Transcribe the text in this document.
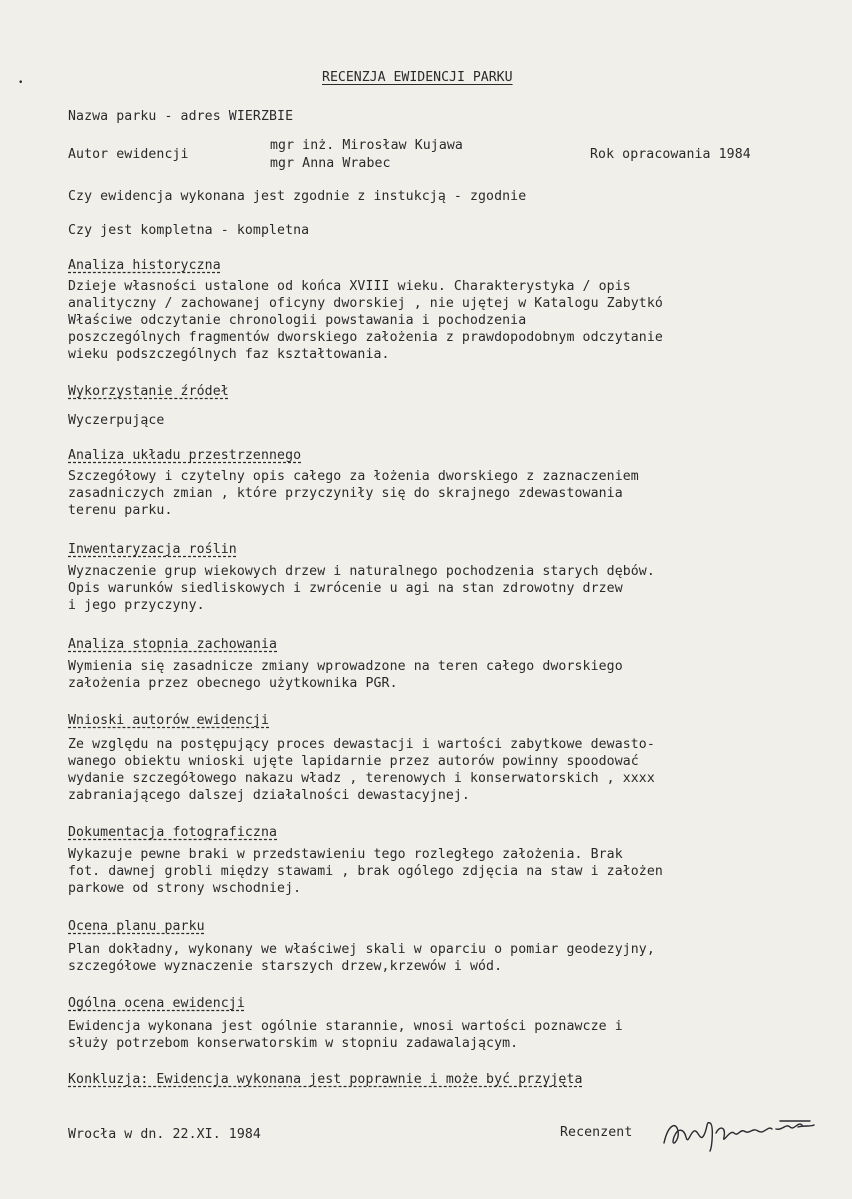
•	RECENZJA EWIDENCJI PARKU
Nazwa parku - adres WIERZBIE
Autor ewidencji
mgr inż. Mirosław Kujawa
mgr Anna Wrabec
Rok opracowania 1984
Czy ewidencja wykonana jest zgodnie z instukcją - zgodnie
Czy jest kompletna - kompletna
Analiza historyczna
Dzieje własności ustalone od końca XVIII wieku. Charakterystyka / opis
analityczny / zachowanej oficyny dworskiej , nie ujętej w Katalogu Zabytkó
Właściwe odczytanie chronologii powstawania i pochodzenia
poszczególnych fragmentów dworskiego założenia z prawdopodobnym odczytanie
wieku podszczególnych faz kształtowania.
Wykorzystanie źródeł
Wyczerpujące
Analiza układu przestrzennego
Szczegółowy i czytelny opis całego za łożenia dworskiego z zaznaczeniem
zasadniczych zmian , które przyczyniły się do skrajnego zdewastowania
terenu parku.
Inwentaryzacja roślin
Wyznaczenie grup wiekowych drzew i naturalnego pochodzenia starych dębów.
Opis warunków siedliskowych i zwrócenie u agi na stan zdrowotny drzew
i jego przyczyny.
Analiza stopnia zachowania
Wymienia się zasadnicze zmiany wprowadzone na teren całego dworskiego
założenia przez obecnego użytkownika PGR.
Wnioski autorów ewidencji
Ze względu na postępujący proces dewastacji i wartości zabytkowe dewasto-
wanego obiektu wnioski ujęte lapidarnie przez autorów powinny spoodować
wydanie szczegółowego nakazu władz , terenowych i konserwatorskich , xxxx
zabraniającego dalszej działalności dewastacyjnej.
Dokumentacja fotograficzna
Wykazuje pewne braki w przedstawieniu tego rozległego założenia. Brak
fot. dawnej grobli między stawami , brak ogólego zdjęcia na staw i założen
parkowe od strony wschodniej.
Ocena planu parku
Plan dokładny, wykonany we właściwej skali w oparciu o pomiar geodezyjny,
szczegółowe wyznaczenie starszych drzew,krzewów i wód.
Ogólna ocena ewidencji
Ewidencja wykonana jest ogólnie starannie, wnosi wartości poznawcze i
służy potrzebom konserwatorskim w stopniu zadawalającym.
Konkluzja: Ewidencja wykonana jest poprawnie i może być przyjęta
Wrocła w dn. 22.XI. 1984	Recenzent
